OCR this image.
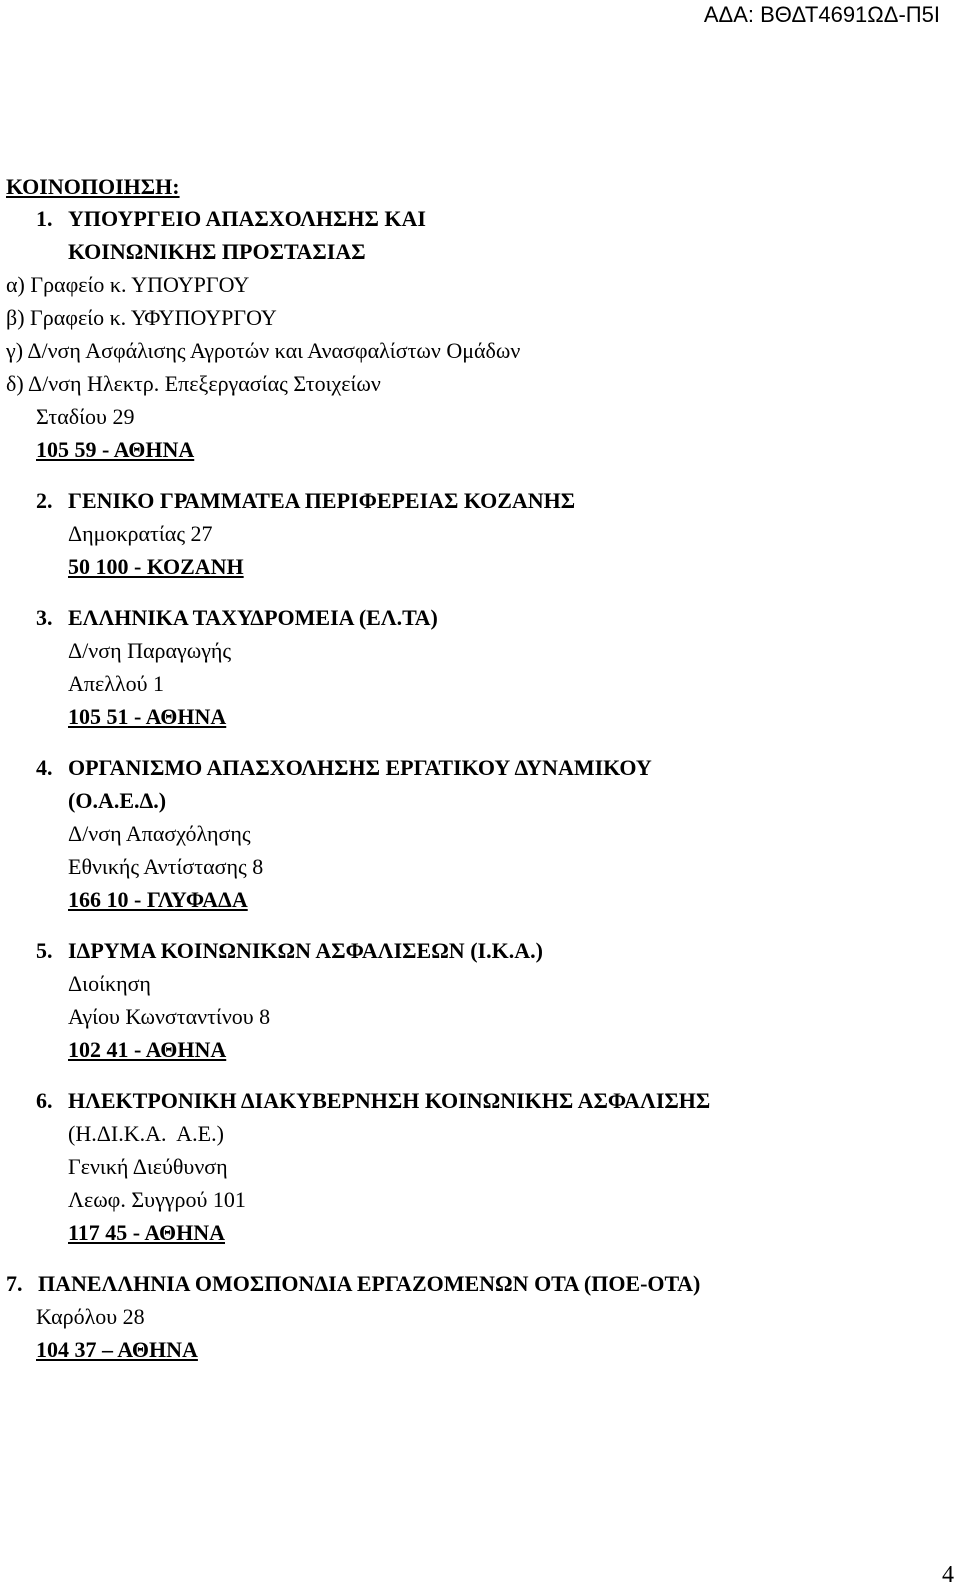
ΑΔΑ: ΒΘΔΤ4691ΩΔ-Π5Ι
ΚΟΙΝΟΠΟΙΗΣΗ:
1. ΥΠΟΥΡΓΕΙΟ ΑΠΑΣΧΟΛΗΣΗΣ ΚΑΙ
ΚΟΙΝΩΝΙΚΗΣ ΠΡΟΣΤΑΣΙΑΣ
α) Γραφείο κ. ΥΠΟΥΡΓΟΥ
β) Γραφείο κ. ΥΦΥΠΟΥΡΓΟΥ
γ) Δ/νση Ασφάλισης Αγροτών και Ανασφαλίστων Ομάδων
δ) Δ/νση Ηλεκτρ. Επεξεργασίας Στοιχείων
Σταδίου 29
105 59 - ΑΘΗΝΑ
2. ΓΕΝΙΚΟ ΓΡΑΜΜΑΤΕΑ ΠΕΡΙΦΕΡΕΙΑΣ ΚΟΖΑΝΗΣ
Δημοκρατίας 27
50 100 - ΚΟΖΑΝΗ
3. ΕΛΛΗΝΙΚΑ ΤΑΧΥΔΡΟΜΕΙΑ (ΕΛ.ΤΑ)
Δ/νση Παραγωγής
Απελλού 1
105 51 - ΑΘΗΝΑ
4. ΟΡΓΑΝΙΣΜΟ ΑΠΑΣΧΟΛΗΣΗΣ ΕΡΓΑΤΙΚΟΥ ΔΥΝΑΜΙΚΟΥ
(Ο.Α.Ε.Δ.)
Δ/νση Απασχόλησης
Εθνικής Αντίστασης 8
166 10 - ΓΛΥΦΑΔΑ
5. ΙΔΡΥΜΑ ΚΟΙΝΩΝΙΚΩΝ ΑΣΦΑΛΙΣΕΩΝ (Ι.Κ.Α.)
Διοίκηση
Αγίου Κωνσταντίνου 8
102 41 - ΑΘΗΝΑ
6. ΗΛΕΚΤΡΟΝΙΚΗ ΔΙΑΚΥΒΕΡΝΗΣΗ ΚΟΙΝΩΝΙΚΗΣ ΑΣΦΑΛΙΣΗΣ
(Η.ΔΙ.Κ.Α.  Α.Ε.)
Γενική Διεύθυνση
Λεωφ. Συγγρού 101
117 45 - ΑΘΗΝΑ
7. ΠΑΝΕΛΛΗΝΙΑ ΟΜΟΣΠΟΝΔΙΑ ΕΡΓΑΖΟΜΕΝΩΝ ΟΤΑ (ΠΟΕ-ΟΤΑ)
Καρόλου 28
104 37 – ΑΘΗΝΑ
4
